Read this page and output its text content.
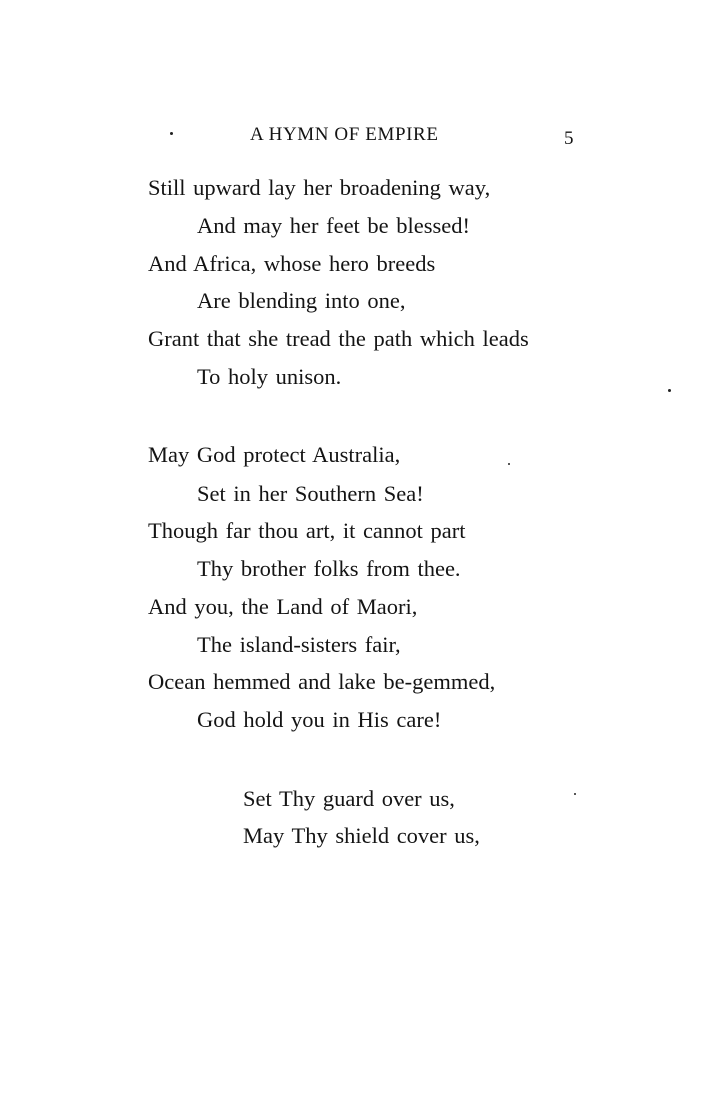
A HYMN OF EMPIRE	5
Still upward lay her broadening way,
And may her feet be blessed!
And Africa, whose hero breeds
Are blending into one,
Grant that she tread the path which leads
To holy unison.
May God protect Australia,
Set in her Southern Sea!
Though far thou art, it cannot part
Thy brother folks from thee.
And you, the Land of Maori,
The island-sisters fair,
Ocean hemmed and lake be-gemmed,
God hold you in His care!
Set Thy guard over us,
May Thy shield cover us,
